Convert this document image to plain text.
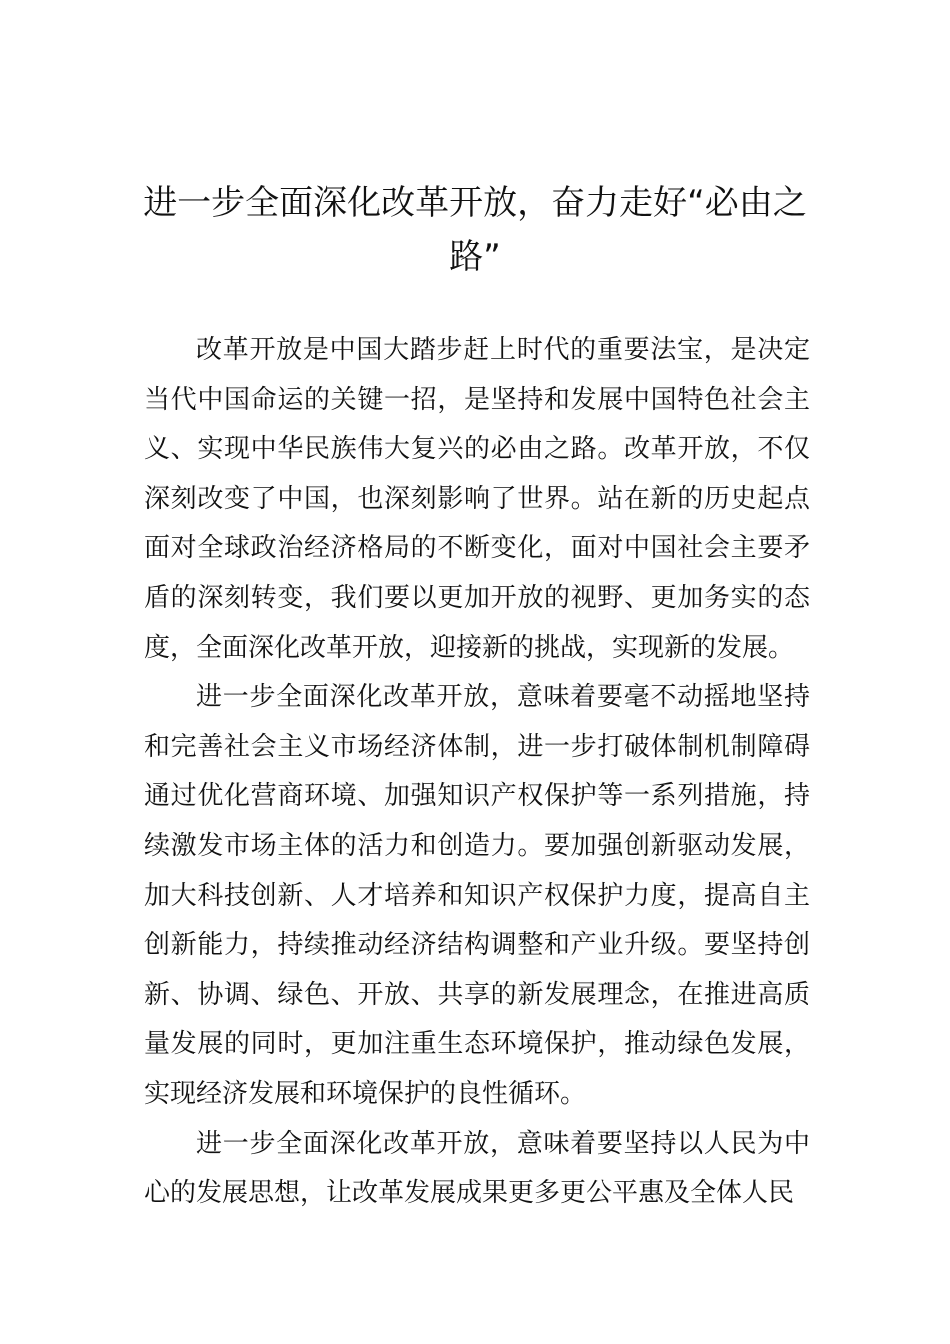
进一步全面深化改革开放，奋力走好“必由之路”

改革开放是中国大踏步赶上时代的重要法宝，是决定当代中国命运的关键一招，是坚持和发展中国特色社会主义、实现中华民族伟大复兴的必由之路。改革开放，不仅深刻改变了中国，也深刻影响了世界。站在新的历史起点面对全球政治经济格局的不断变化，面对中国社会主要矛盾的深刻转变，我们要以更加开放的视野、更加务实的态度，全面深化改革开放，迎接新的挑战，实现新的发展。

进一步全面深化改革开放，意味着要毫不动摇地坚持和完善社会主义市场经济体制，进一步打破体制机制障碍通过优化营商环境、加强知识产权保护等一系列措施，持续激发市场主体的活力和创造力。要加强创新驱动发展，加大科技创新、人才培养和知识产权保护力度，提高自主创新能力，持续推动经济结构调整和产业升级。要坚持创新、协调、绿色、开放、共享的新发展理念，在推进高质量发展的同时，更加注重生态环境保护，推动绿色发展，实现经济发展和环境保护的良性循环。

进一步全面深化改革开放，意味着要坚持以人民为中心的发展思想，让改革发展成果更多更公平惠及全体人民
